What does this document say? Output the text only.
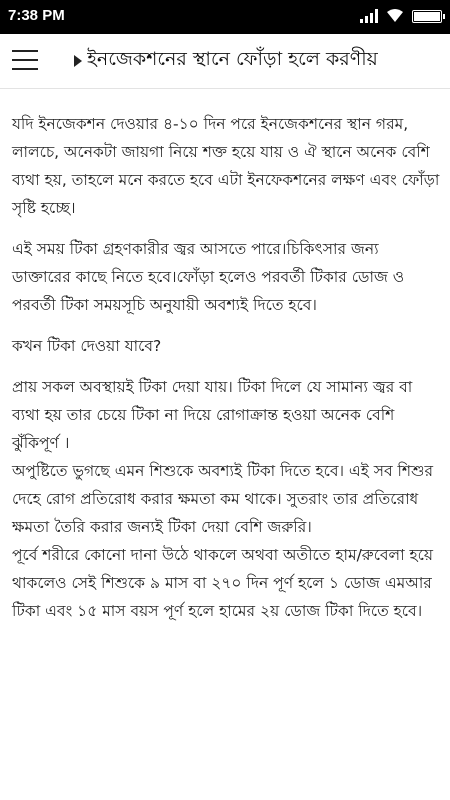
7:38 PM
ইনজেকশনের স্থানে ফোঁড়া হলে করণীয়

যদি ইনজেকশন দেওয়ার ৪-১০ দিন পরে ইনজেকশনের স্থান গরম, লালচে, অনেকটা জায়গা নিয়ে শক্ত হয়ে যায় ও ঐ স্থানে অনেক বেশি ব্যথা হয়, তাহলে মনে করতে হবে এটা ইনফেকশনের লক্ষণ এবং ফোঁড়া সৃষ্টি হচ্ছে।

এই সময় টিকা গ্রহণকারীর জ্বর আসতে পারে।চিকিৎসার জন্য ডাক্তারের কাছে নিতে হবে।ফোঁড়া হলেও পরবর্তী টিকার ডোজ ও পরবর্তী টিকা সময়সূচি অনুযায়ী অবশ্যই দিতে হবে।

কখন টিকা দেওয়া যাবে?

প্রায় সকল অবস্থায়ই টিকা দেয়া যায়। টিকা দিলে যে সামান্য জ্বর বা ব্যথা হয় তার চেয়ে টিকা না দিয়ে রোগাক্রান্ত হওয়া অনেক বেশি ঝুঁকিপূর্ণ ।

অপুষ্টিতে ভুগছে এমন শিশুকে অবশ্যই টিকা দিতে হবে। এই সব শিশুর দেহে রোগ প্রতিরোধ করার ক্ষমতা কম থাকে। সুতরাং তার প্রতিরোধ ক্ষমতা তৈরি করার জন্যই টিকা দেয়া বেশি জরুরি।

পূর্বে শরীরে কোনো দানা উঠে থাকলে অথবা অতীতে হাম/রুবেলা হয়ে থাকলেও সেই শিশুকে ৯ মাস বা ২৭০ দিন পূর্ণ হলে ১ ডোজ এমআর টিকা এবং ১৫ মাস বয়স পূর্ণ হলে হামের ২য় ডোজ টিকা দিতে হবে।
